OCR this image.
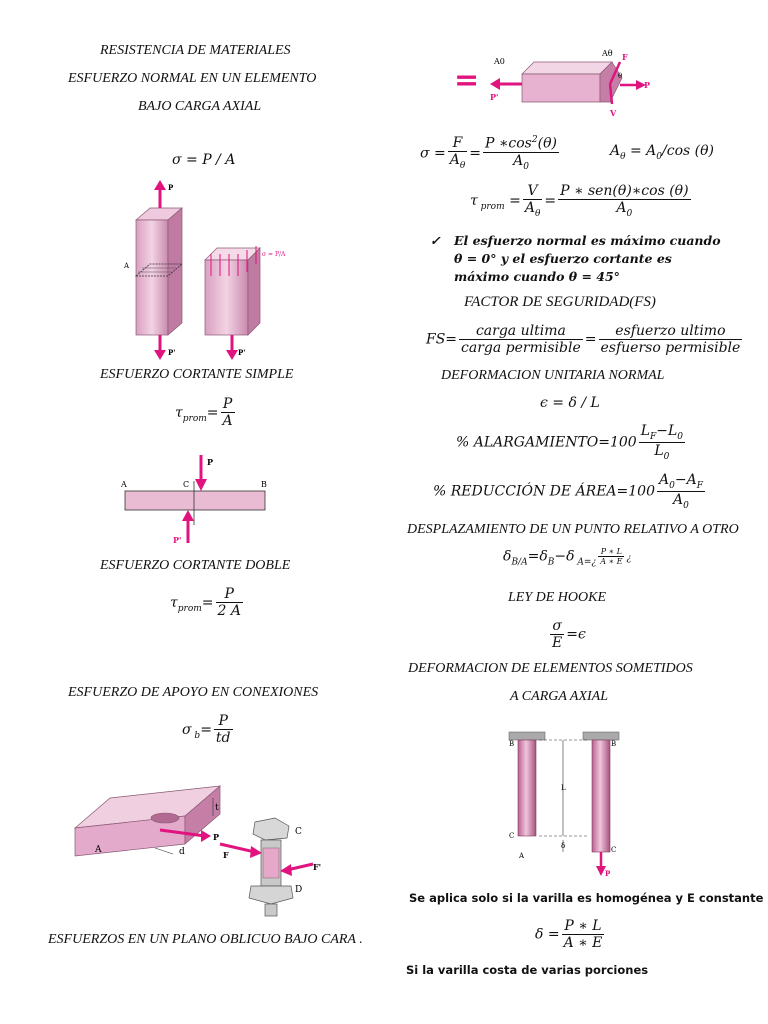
RESISTENCIA DE MATERIALES
ESFUERZO NORMAL EN UN ELEMENTO
BAJO CARGA AXIAL
σ = P / A
P
P'
A
P'
σ = P/A
ESFUERZO CORTANTE SIMPLE
$\tau_{prom}= \frac{P}{A}$
A	C	B
P
P'
ESFUERZO CORTANTE DOBLE
$\tau_{prom}= \frac{P}{2 A}$
ESFUERZO DE APOYO EN CONEXIONES
σ $_b= \frac{P}{td}$
t
d
P
A
C
D
F
F'
ESFUERZOS EN UN PLANO OBLICUO BAJO CARA .
=
A0
Aθ
P'
F
P
V
θ
$\sigma = \frac{F}{A_\theta} = \frac{P ∗\cos^2(\theta)}{A_0}$	$A_\theta = A_0/\cos$ (θ)
τ $_{prom} = \frac{V}{A_\theta} = \frac{\text{P ∗ sen(θ)∗cos (θ)}}{A_0}$
✓	El esfuerzo normal es máximo cuando θ = 0° y el esfuerzo cortante es máximo cuando θ = 45°
FACTOR DE SEGURIDAD(FS)
$FS= \frac{\text{carga ultima}}{\text{carga permisible}} = \frac{\text{esfuerzo ultimo}}{\text{esfuerso permisible}}$
DEFORMACION UNITARIA NORMAL
ϵ = δ / L
% ALARGAMIENTO=100 $\frac{L_F-L_0}{L_0}$
% REDUCCIÓN DE ÁREA=100 $\frac{A_0-A_F}{A_0}$
DESPLAZAMIENTO DE UN PUNTO RELATIVO A OTRO
$\delta_{B/A}=\delta_B-\delta$ $_{A=¿} \frac{P ∗ L}{A ∗ E}$ ¿
LEY DE HOOKE
$\frac{\sigma}{E} =\epsilon$
DEFORMACION DE ELEMENTOS SOMETIDOS
A CARGA AXIAL
B	B
C
C
A
L
δ
P
Se aplica solo si la varilla es homogénea y E constante
$\delta = \frac{P ∗ L}{A ∗ E}$
Si la varilla costa de varias porciones
